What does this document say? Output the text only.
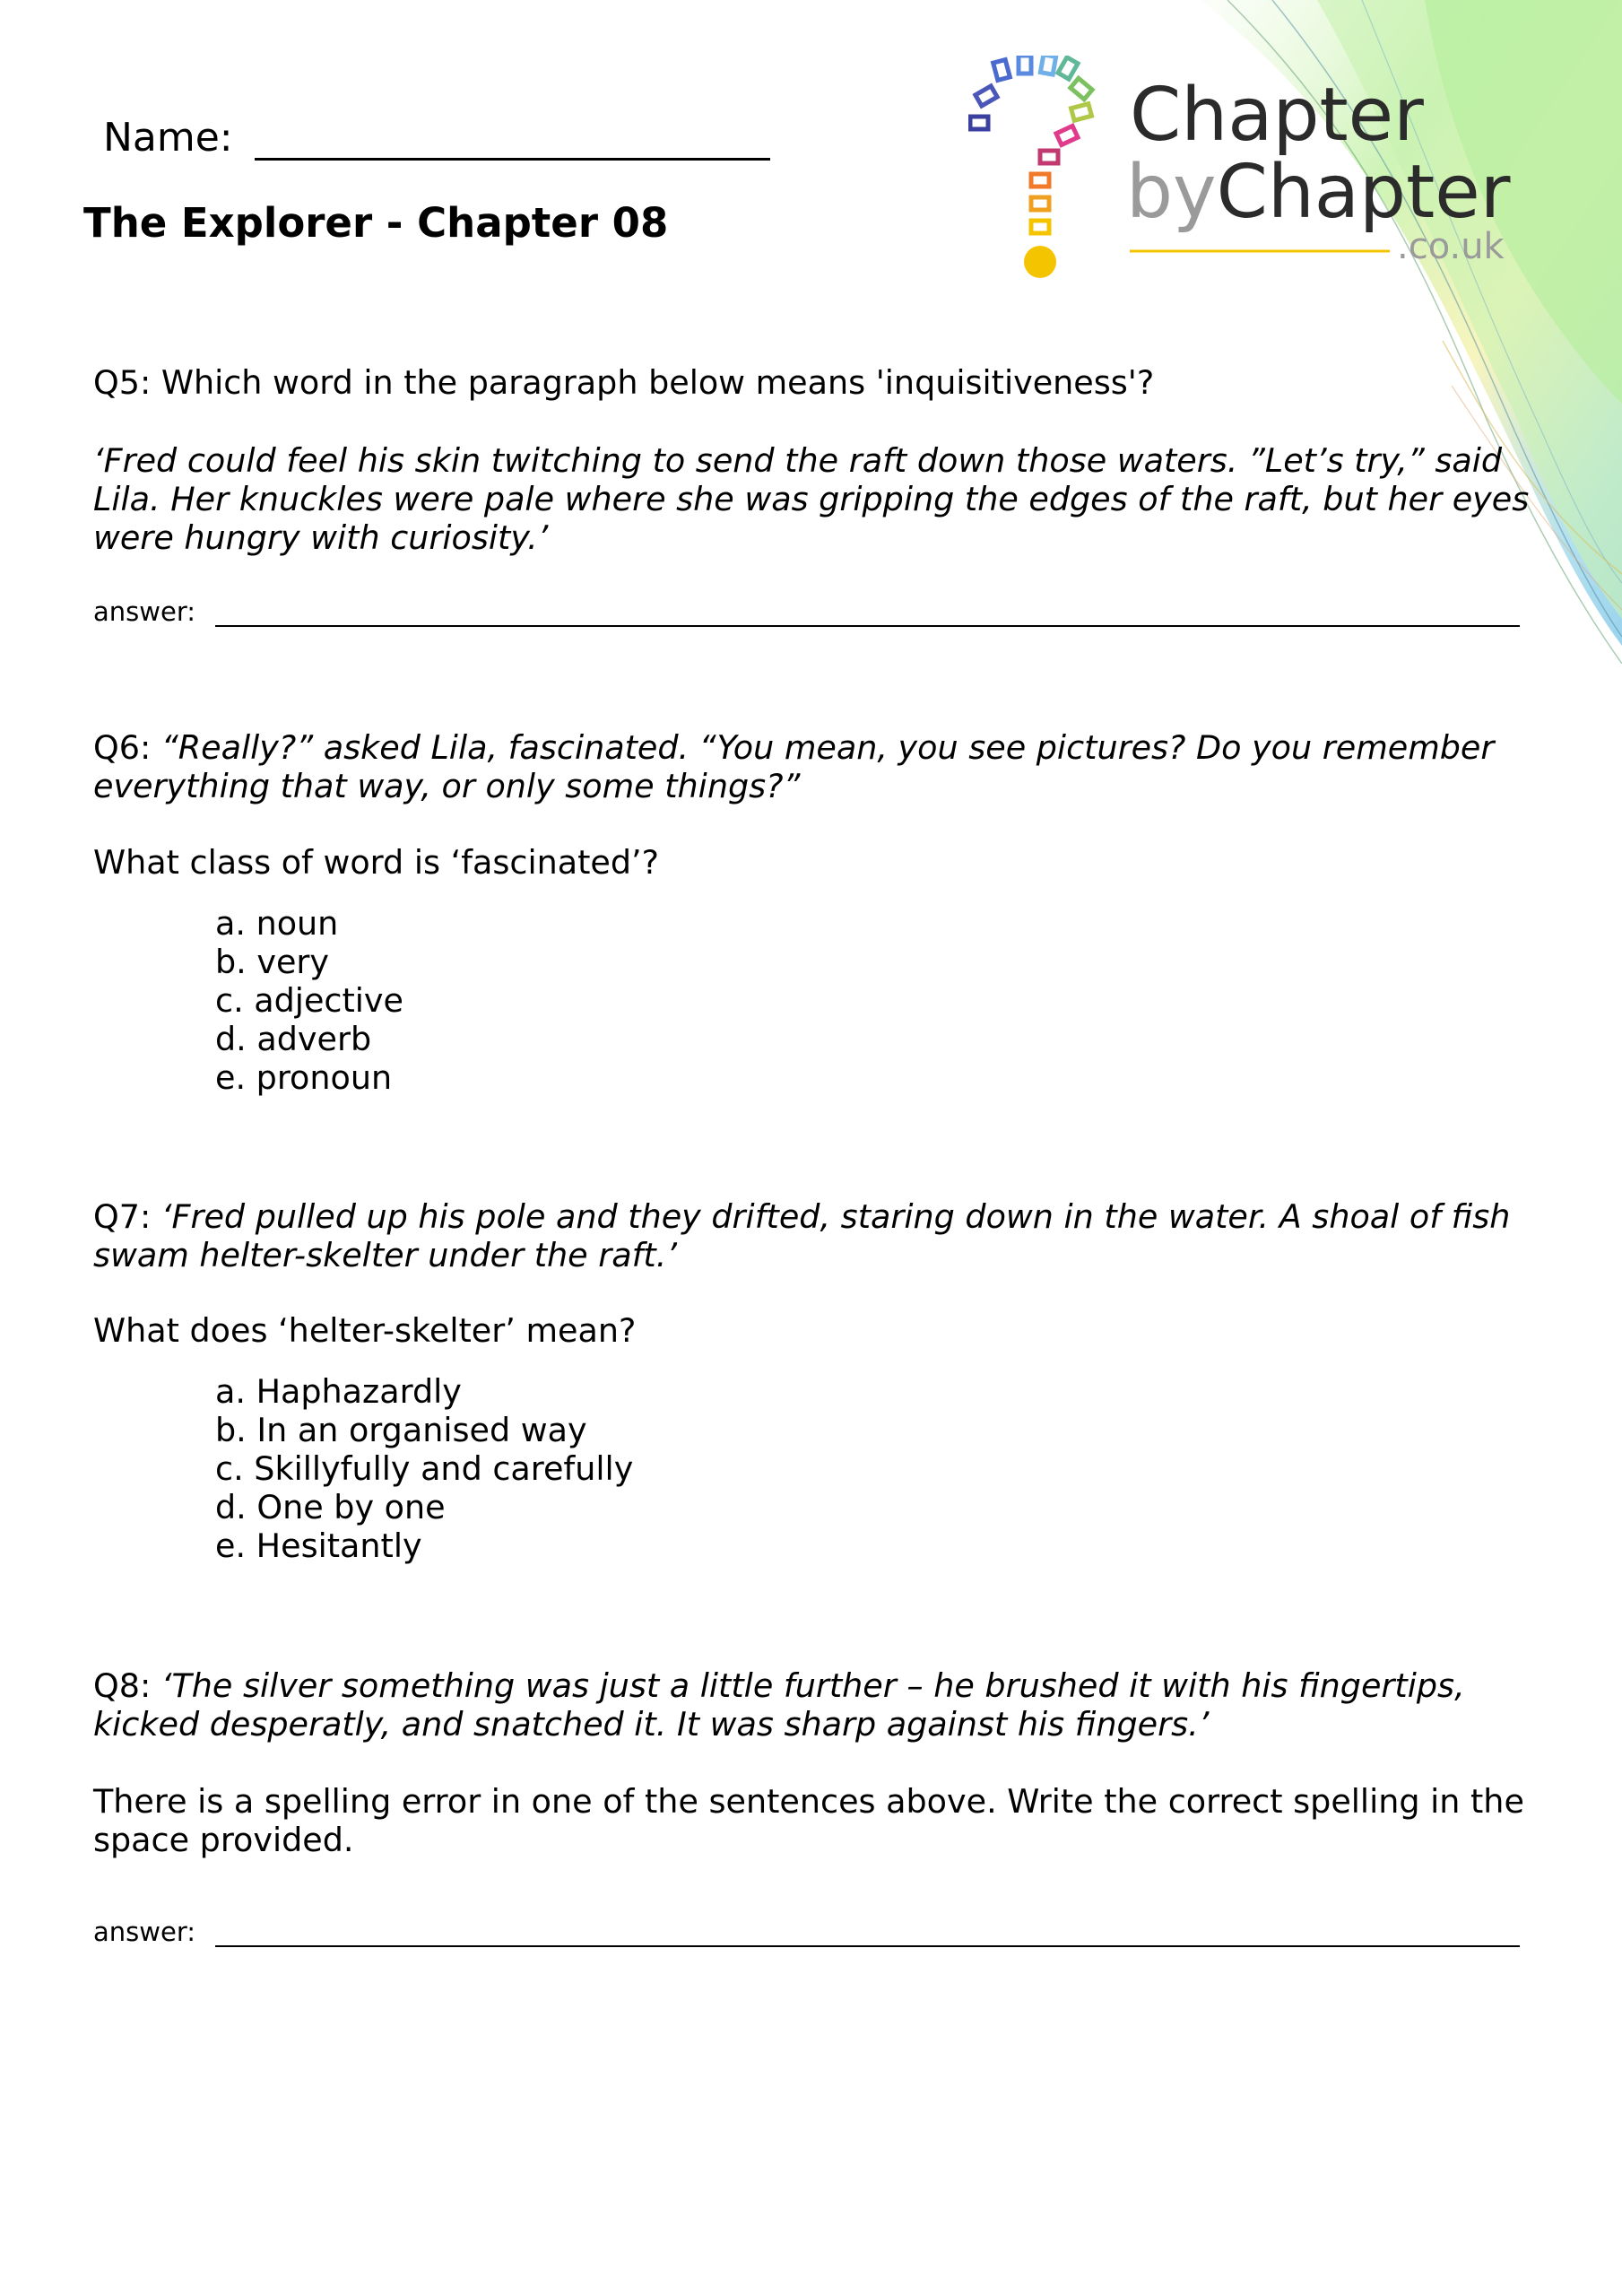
Chapter
byChapter
.co.uk
Name:
The Explorer - Chapter 08
Q5: Which word in the paragraph below means 'inquisitiveness'?
‘Fred could feel his skin twitching to send the raft down those waters. ”Let’s try,” said Lila. Her knuckles were pale where she was gripping the edges of the raft, but her eyes were hungry with curiosity.’
answer:
Q6: “Really?” asked Lila, fascinated. “You mean, you see pictures? Do you remember everything that way, or only some things?”
What class of word is ‘fascinated’?
a. noun
b. very
c. adjective
d. adverb
e. pronoun
Q7: ‘Fred pulled up his pole and they drifted, staring down in the water. A shoal of fish swam helter-skelter under the raft.’
What does ‘helter-skelter’ mean?
a. Haphazardly
b. In an organised way
c. Skillyfully and carefully
d. One by one
e. Hesitantly
Q8: ‘The silver something was just a little further – he brushed it with his fingertips, kicked desperatly, and snatched it. It was sharp against his fingers.’
There is a spelling error in one of the sentences above. Write the correct spelling in the space provided.
answer:
